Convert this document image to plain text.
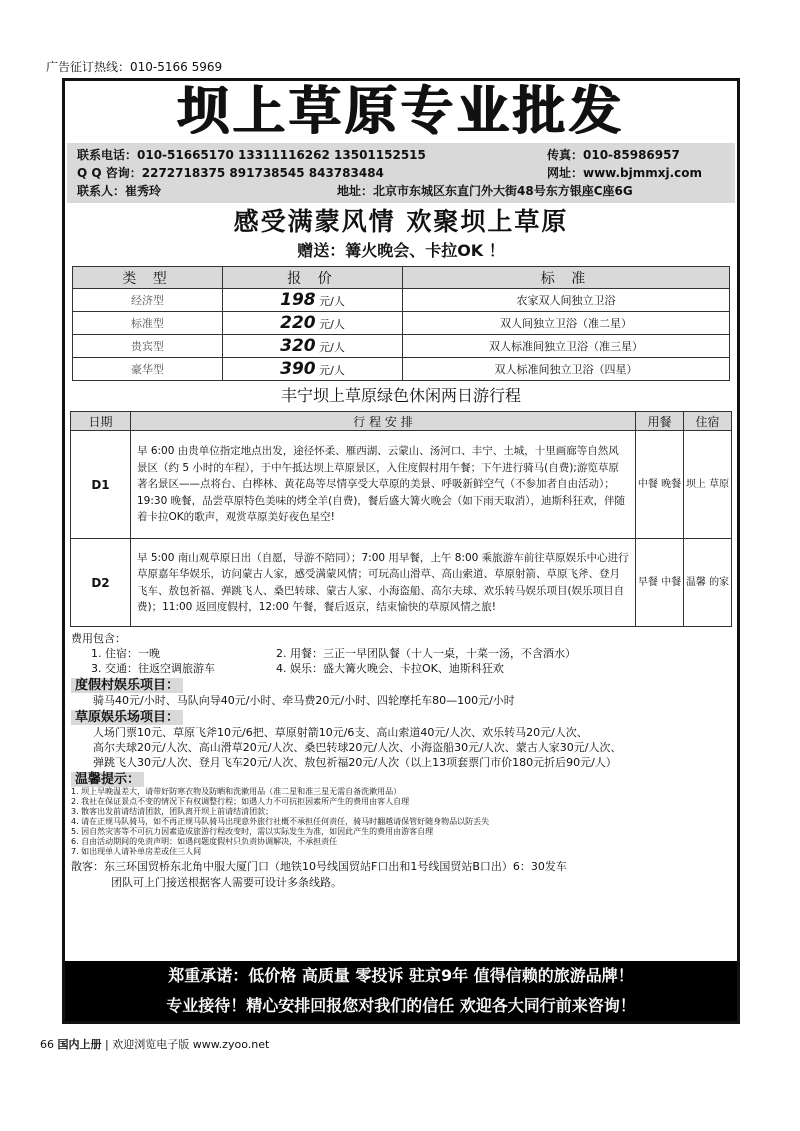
广告征订热线：010-5166 5969
坝上草原专业批发
联系电话：010-51665170 13311116262 13501152515	传真：010-85986957
Q Q 咨询：2272718375 891738545 843783484	网址：www.bjmmxj.com
联系人：崔秀玲	地址：北京市东城区东直门外大街48号东方银座C座6G
感受满蒙风情 欢聚坝上草原
赠送：篝火晚会、卡拉OK ！
类 型	报 价	标 准
经济型	198 元/人	农家双人间独立卫浴
标准型	220 元/人	双人间独立卫浴（准二星）
贵宾型	320 元/人	双人标准间独立卫浴（准三星）
豪华型	390 元/人	双人标准间独立卫浴（四星）
丰宁坝上草原绿色休闲两日游行程
日期	行 程 安 排	用餐	住宿
D1	早 6:00 由贵单位指定地点出发，途径怀柔、雁西湖、云蒙山、汤河口、丰宁、土城，十里画廊等自然风景区（约 5 小时的车程），于中午抵达坝上草原景区，入住度假村用午餐；下午进行骑马(自费);游览草原著名景区——点将台、白桦林、黄花岛等尽情享受大草原的美景、呼吸新鲜空气（不参加者自由活动）；19:30 晚餐，品尝草原特色美味的烤全羊(自费)，餐后盛大篝火晚会（如下雨天取消），迪斯科狂欢，伴随着卡拉OK的歌声，观赏草原美好夜色星空!	中餐 晚餐	坝上 草原
D2	早 5:00 南山观草原日出（自愿，导游不陪同）；7:00 用早餐，上午 8:00 乘旅游车前往草原娱乐中心进行草原嘉年华娱乐，访问蒙古人家，感受满蒙风情；可玩高山滑草、高山索道、草原射箭、草原飞斧、登月飞车、敖包祈福、弹跳飞人、桑巴转球、蒙古人家、小海盗船、高尔夫球、欢乐转马娱乐项目(娱乐项目自费)；11:00 返回度假村，12:00 午餐，餐后返京，结束愉快的草原风情之旅!	早餐 中餐	温馨 的家
费用包含：
1. 住宿：一晚	2. 用餐：三正一早团队餐（十人一桌，十菜一汤，不含酒水）
3. 交通：往返空调旅游车	4. 娱乐：盛大篝火晚会、卡拉OK、迪斯科狂欢
度假村娱乐项目：
骑马40元/小时、马队向导40元/小时、牵马费20元/小时、四轮摩托车80—100元/小时
草原娱乐场项目：
人场门票10元、草原飞斧10元/6把、草原射箭10元/6支、高山索道40元/人次、欢乐转马20元/人次、
高尔夫球20元/人次、高山滑草20元/人次、桑巴转球20元/人次、小海盗船30元/人次、蒙古人家30元/人次、
弹跳飞人30元/人次、登月飞车20元/人次、敖包祈福20元/人次（以上13项套票门市价180元折后90元/人）
温馨提示：
1. 坝上早晚温差大，请带好防寒衣物及防晒和洗漱用品（准二星和准三星无需自备洗漱用品）
2. 我社在保证景点不变的情况下有权调整行程；如遇人力不可抗拒因素所产生的费用由客人自理
3. 散客出发前请结清团款，团队离开坝上前请结清团款；
4. 请在正规马队骑马，如不再正规马队骑马出现意外旅行社概不承担任何责任，骑马时翻越请保管好随身物品以防丢失
5. 因自然灾害等不可抗力因素造成旅游行程改变时，需以实际发生为准，如因此产生的费用由游客自理
6. 自由活动期间的免责声明：如遇问题度假村只负责协调解决，不承担责任
7. 如出现单人请补单房差或住三人间
散客：东三环国贸桥东北角中服大厦门口（地铁10号线国贸站F口出和1号线国贸站B口出）6：30发车
团队可上门接送根据客人需要可设计多条线路。
郑重承诺：低价格 高质量 零投诉 驻京9年 值得信赖的旅游品牌！
专业接待！精心安排回报您对我们的信任 欢迎各大同行前来咨询！
66 国内上册 | 欢迎浏览电子版 www.zyoo.net
